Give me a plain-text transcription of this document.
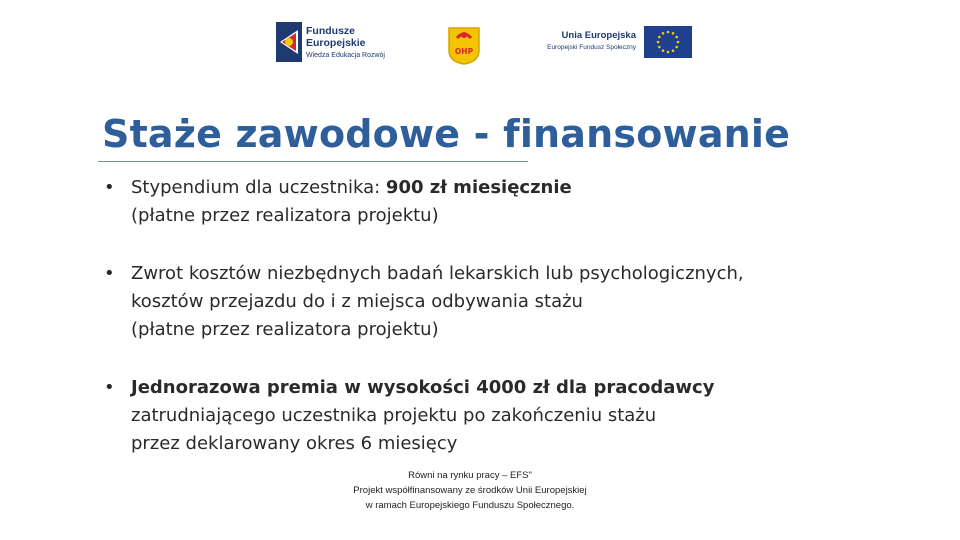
Fundusze
Europejskie
Wiedza Edukacja Rozwój	OHP
Unia Europejska
Europejski Fundusz Społeczny
Staże zawodowe - finansowanie
• Stypendium dla uczestnika: 900 zł miesięcznie
(płatne przez realizatora projektu)
• Zwrot kosztów niezbędnych badań lekarskich lub psychologicznych,
kosztów przejazdu do i z miejsca odbywania stażu
(płatne przez realizatora projektu)
• Jednorazowa premia w wysokości 4000 zł dla pracodawcy
zatrudniającego uczestnika projektu po zakończeniu stażu
przez deklarowany okres 6 miesięcy
Równi na rynku pracy – EFS"
Projekt współfinansowany ze środków Unii Europejskiej
w ramach Europejskiego Funduszu Społecznego.
